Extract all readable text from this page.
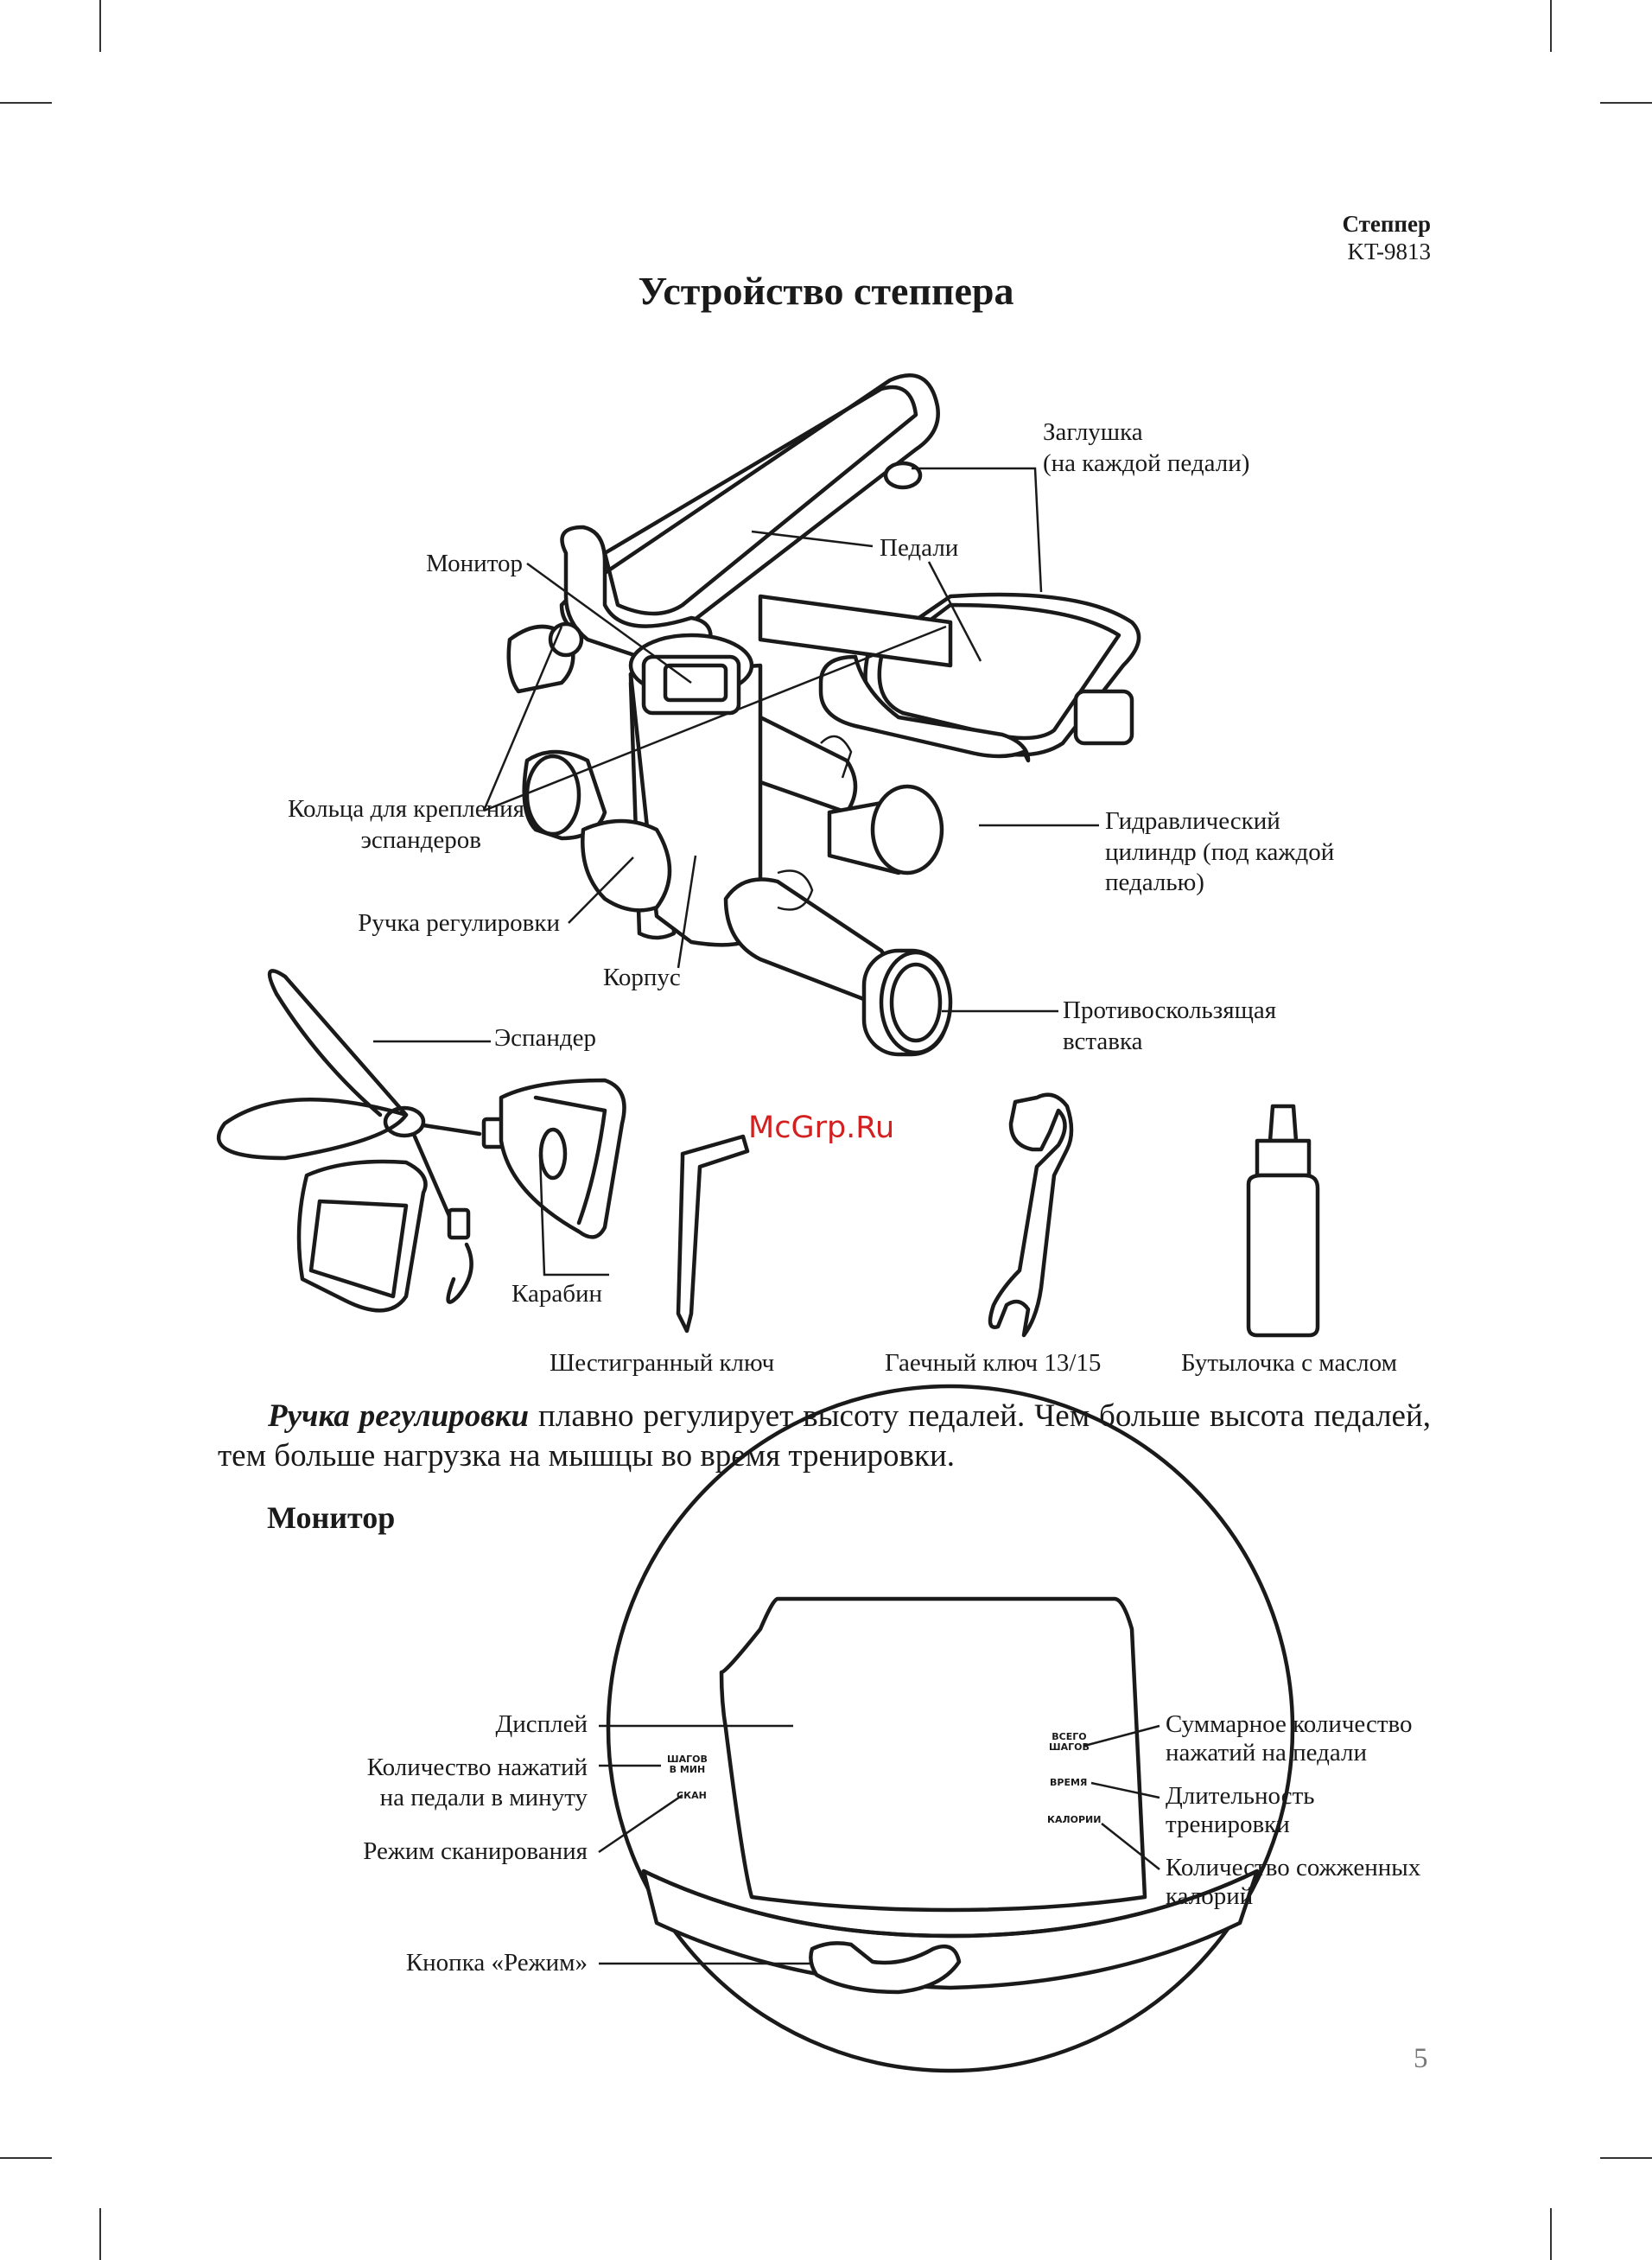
Степпер
KT-9813
Устройство степпера
Заглушка
(на каждой педали)
Педали
Монитор
Кольца для крепления
эспандеров
Гидравлический
цилиндр (под каждой
педалью)
Ручка регулировки
Корпус
Противоскользящая
вставка
Эспандер
Карабин
Шестигранный ключ	Гаечный ключ 13/15	Бутылочка с маслом
McGrp.Ru
Ручка регулировки плавно регулирует высоту педалей. Чем больше высота педалей, тем больше нагрузка на мышцы во время тренировки.
Монитор
Дисплей
Количество нажатий
на педали в минуту
Режим сканирования
Кнопка «Режим»
Суммарное количество
нажатий на педали
Длительность
тренировки
Количество сожженных
калорий
ШАГОВ
В МИН
СКАН
ВСЕГО
ШАГОВ
ВРЕМЯ
КАЛОРИИ
5
